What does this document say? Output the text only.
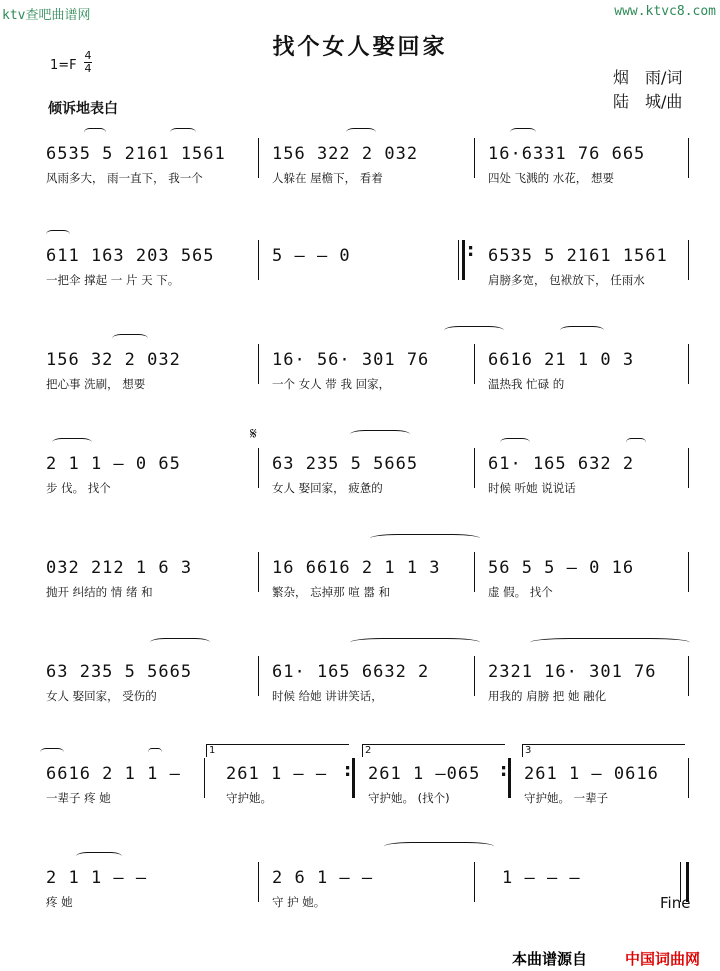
ktv查吧曲谱网	www.ktvc8.com
找个女人娶回家
1=F
4
4
倾诉地表白
烟　雨/词
陆　城/曲
6535 5 2161 1561
风雨多大， 雨一直下， 我一个
156 322 2 032
人躲在 屋檐下， 看着
16·6331 76 665
四处 飞溅的 水花， 想要
611 163 203 565
一把伞 撑起 一 片 天 下。
5 — — 0	: 6535 5 2161 1561
肩膀多宽， 包袱放下， 任雨水
156 32 2 032
把心事 洗刷， 想要
16· 56· 301 76
一个 女人 带 我 回家，
6616 21 1 0 3
温热我 忙碌 的
𝄋
2 1 1 — 0 65
步 伐。 找个
63 235 5 5665
女人 娶回家， 疲惫的
61· 165 632 2
时候 听她 说说话
032 212 1 6 3
抛开 纠结的 情 绪 和
16 6616 2 1 1 3
繁杂， 忘掉那 喧 嚣 和
56 5 5 — 0 16
虚 假。 找个
63 235 5 5665
女人 娶回家， 受伤的
61· 165 6632 2
时候 给她 讲讲笑话，
2321 16· 301 76
用我的 肩膀 把 她 融化
1	2	3
6616 2 1 1 —
一辈子 疼 她
261 1 — —
守护她。
: 261 1 —065
守护她。 (找个)
: 261 1 — 0616
守护她。 一辈子
2 1 1 — —
疼 她
2 6 1 — —
守 护 她。
1 — — —
Fine
本曲谱源自	中国词曲网
